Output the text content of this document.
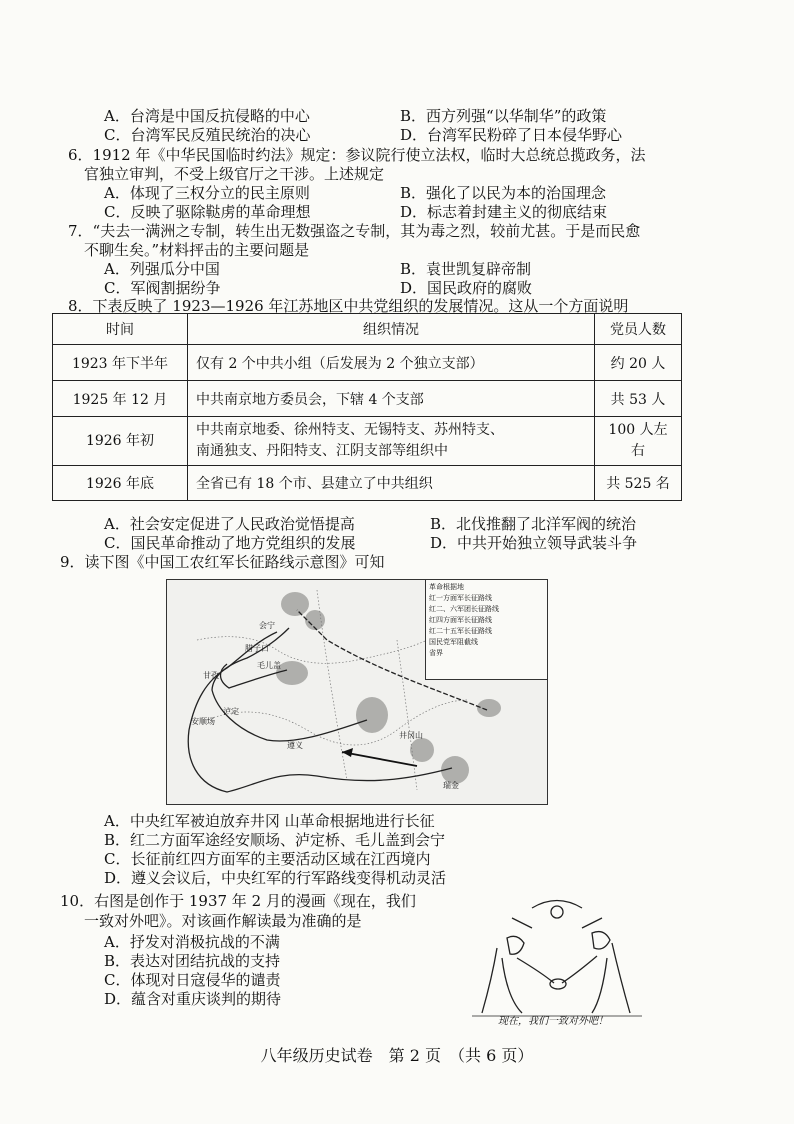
A．台湾是中国反抗侵略的中心	B．西方列强“以华制华”的政策
C．台湾军民反殖民统治的决心	D．台湾军民粉碎了日本侵华野心
6．1912 年《中华民国临时约法》规定：参议院行使立法权，临时大总统总揽政务，法
官独立审判，不受上级官厅之干涉。上述规定
A．体现了三权分立的民主原则	B．强化了以民为本的治国理念
C．反映了驱除鞑虏的革命理想	D．标志着封建主义的彻底结束
7．“夫去一满洲之专制，转生出无数强盗之专制，其为毒之烈，较前尤甚。于是而民愈
不聊生矣。”材料抨击的主要问题是
A．列强瓜分中国	B．袁世凯复辟帝制
C．军阀割据纷争	D．国民政府的腐败
8．下表反映了 1923—1926 年江苏地区中共党组织的发展情况。这从一个方面说明
时间	组织情况	党员人数
1923 年下半年	仅有 2 个中共小组（后发展为 2 个独立支部）	约 20 人
1925 年 12 月	中共南京地方委员会，下辖 4 个支部	共 53 人
1926 年初	中共南京地委、徐州特支、无锡特支、苏州特支、
南通独支、丹阳特支、江阴支部等组织中	100 人左右
1926 年底	全省已有 18 个市、县建立了中共组织	共 525 名
A．社会安定促进了人民政治觉悟提高	B．北伐推翻了北洋军阀的统治
C．国民革命推动了地方党组织的发展	D．中共开始独立领导武装斗争
9．读下图《中国工农红军长征路线示意图》可知
会宁
腊子口
毛儿盖
甘孜
泸定
安顺场
遵义
井冈山
瑞金
革命根据地
红一方面军长征路线
红二、六军团长征路线
红四方面军长征路线
红二十五军长征路线
国民党军阻截线
省界
A．中央红军被迫放弃井冈 山革命根据地进行长征
B．红二方面军途经安顺场、泸定桥、毛儿盖到会宁
C．长征前红四方面军的主要活动区域在江西境内
D．遵义会议后，中央红军的行军路线变得机动灵活
10．右图是创作于 1937 年 2 月的漫画《现在，我们
一致对外吧》。对该画作解读最为准确的是
A．抒发对消极抗战的不满
B．表达对团结抗战的支持
C．体现对日寇侵华的谴责
D．蕴含对重庆谈判的期待
现在，我们一致对外吧！
八年级历史试卷　第 2 页　（共 6 页）
